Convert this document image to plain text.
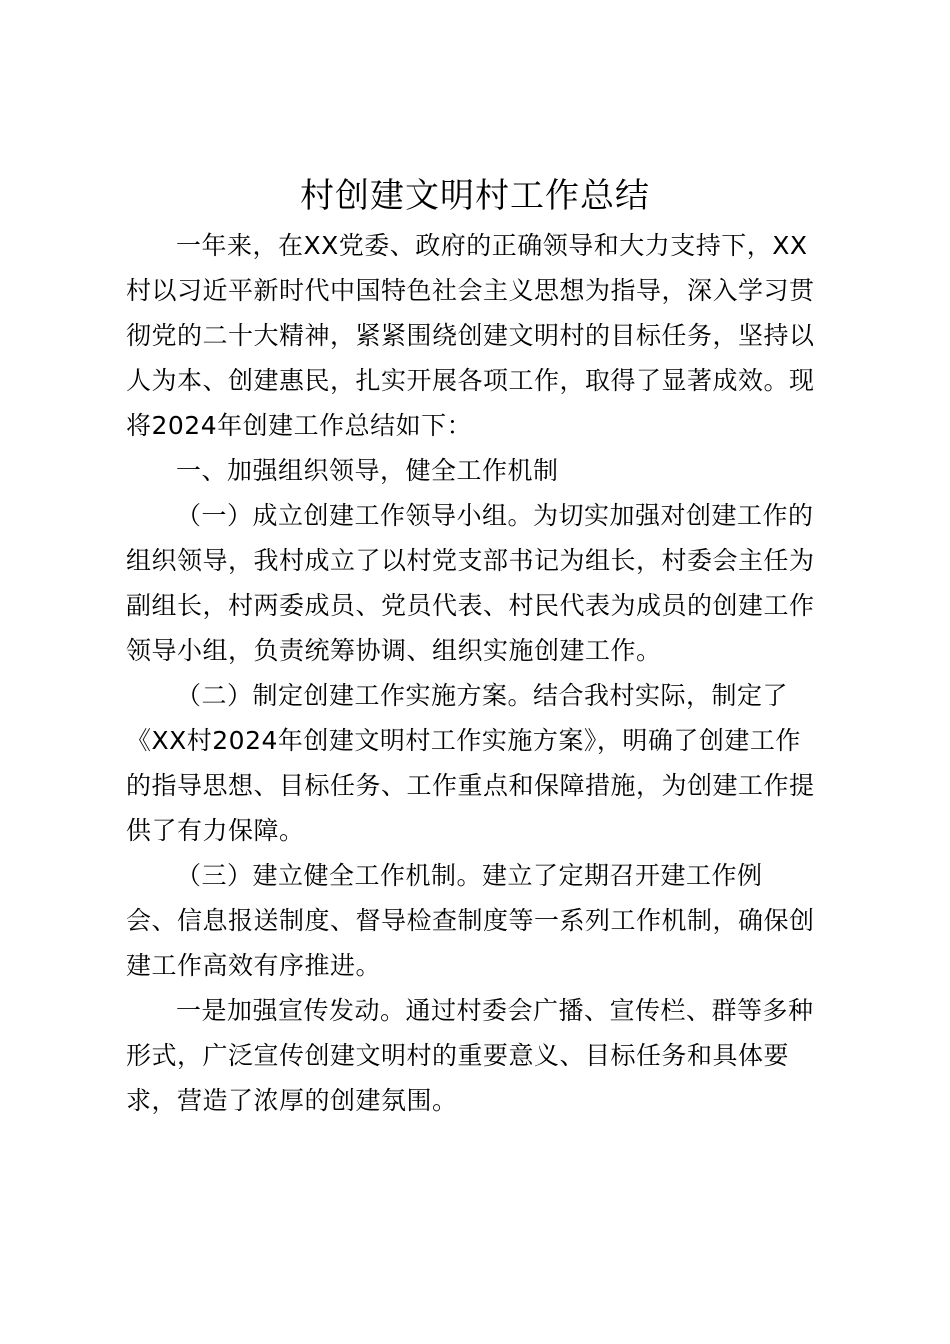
村创建文明村工作总结
一年来，在XX党委、政府的正确领导和大力支持下，XX
村以习近平新时代中国特色社会主义思想为指导，深入学习贯
彻党的二十大精神，紧紧围绕创建文明村的目标任务，坚持以
人为本、创建惠民，扎实开展各项工作，取得了显著成效。现
将2024年创建工作总结如下：
一、加强组织领导，健全工作机制
（一）成立创建工作领导小组。为切实加强对创建工作的
组织领导，我村成立了以村党支部书记为组长，村委会主任为
副组长，村两委成员、党员代表、村民代表为成员的创建工作
领导小组，负责统筹协调、组织实施创建工作。
（二）制定创建工作实施方案。结合我村实际，制定了
《XX村2024年创建文明村工作实施方案》，明确了创建工作
的指导思想、目标任务、工作重点和保障措施，为创建工作提
供了有力保障。
（三）建立健全工作机制。建立了定期召开建工作例
会、信息报送制度、督导检查制度等一系列工作机制，确保创
建工作高效有序推进。
一是加强宣传发动。通过村委会广播、宣传栏、群等多种
形式，广泛宣传创建文明村的重要意义、目标任务和具体要
求，营造了浓厚的创建氛围。
